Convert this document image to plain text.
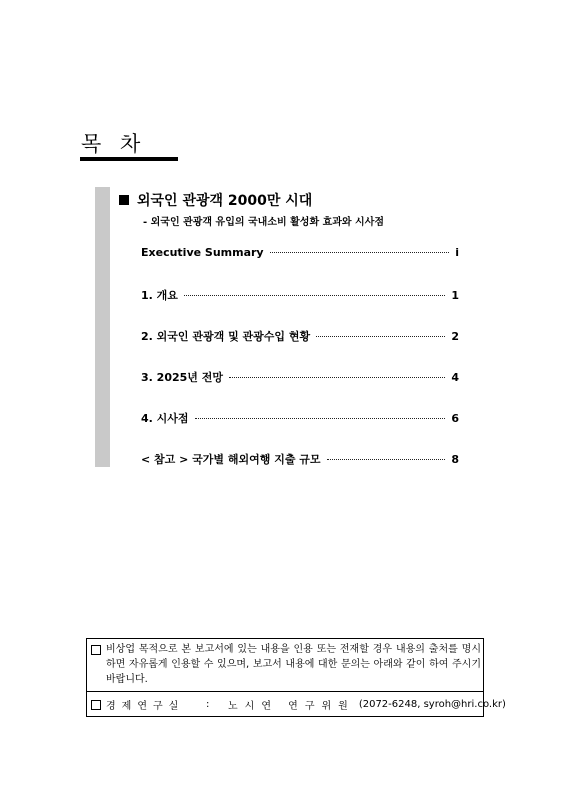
목 차
외국인 관광객 2000만 시대
- 외국인 관광객 유입의 국내소비 활성화 효과와 시사점
Executive Summary	i
1. 개요	1
2. 외국인 관광객 및 관광수입 현황	2
3. 2025년 전망	4
4. 시사점	6
< 참고 > 국가별 해외여행 지출 규모	8
비상업 목적으로 본 보고서에 있는 내용을 인용 또는 전재할 경우 내용의 출처를 명시하면 자유롭게 인용할 수 있으며, 보고서 내용에 대한 문의는 아래와 같이 하여 주시기 바랍니다.
경제연구실	:	노시연 연구위원 (2072-6248, syroh@hri.co.kr)
